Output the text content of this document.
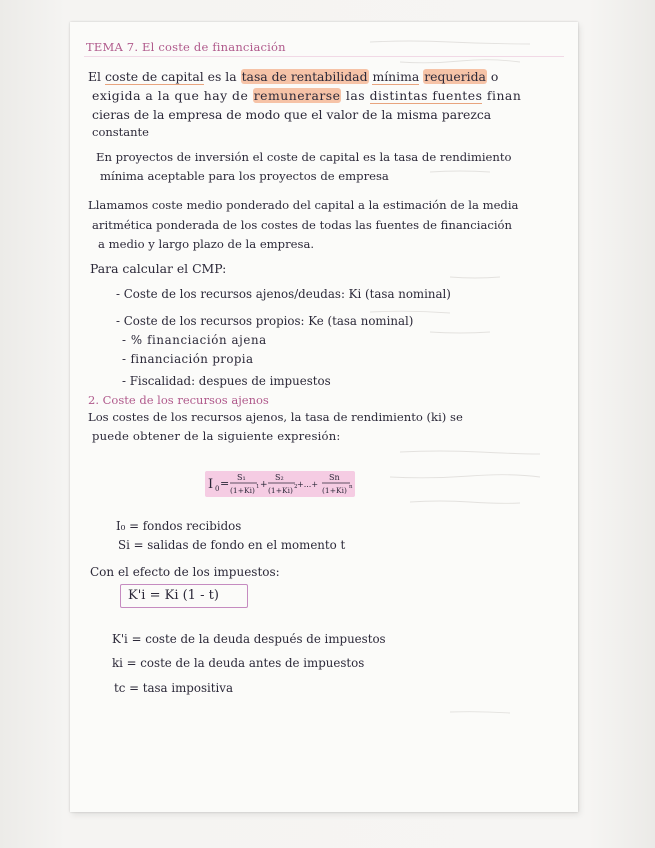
TEMA 7. El coste de financiación
El coste de capital es la tasa de rentabilidad mínima requerida o
exigida a la que hay de remunerarse las distintas fuentes finan
cieras de la empresa de modo que el valor de la misma parezca
constante
En proyectos de inversión el coste de capital es la tasa de rendimiento
mínima aceptable para los proyectos de empresa
Llamamos coste medio ponderado del capital a la estimación de la media
aritmética ponderada de los costes de todas las fuentes de financiación
a medio y largo plazo de la empresa.
Para calcular el CMP:
- Coste de los recursos ajenos/deudas: Ki (tasa nominal)
- Coste de los recursos propios: Ke (tasa nominal)
- % financiación ajena
- financiación propia
- Fiscalidad: despues de impuestos
2. Coste de los recursos ajenos
Los costes de los recursos ajenos, la tasa de rendimiento (ki) se
puede obtener de la siguiente expresión:
I 0 = S₁
(1+Ki) 1 +
S₂
(1+Ki) 2 +...+
Sn
(1+Ki) n
I₀ = fondos recibidos
Si = salidas de fondo en el momento t
Con el efecto de los impuestos:
K'i = Ki (1 - t)
K'i = coste de la deuda después de impuestos
ki = coste de la deuda antes de impuestos
tc = tasa impositiva
